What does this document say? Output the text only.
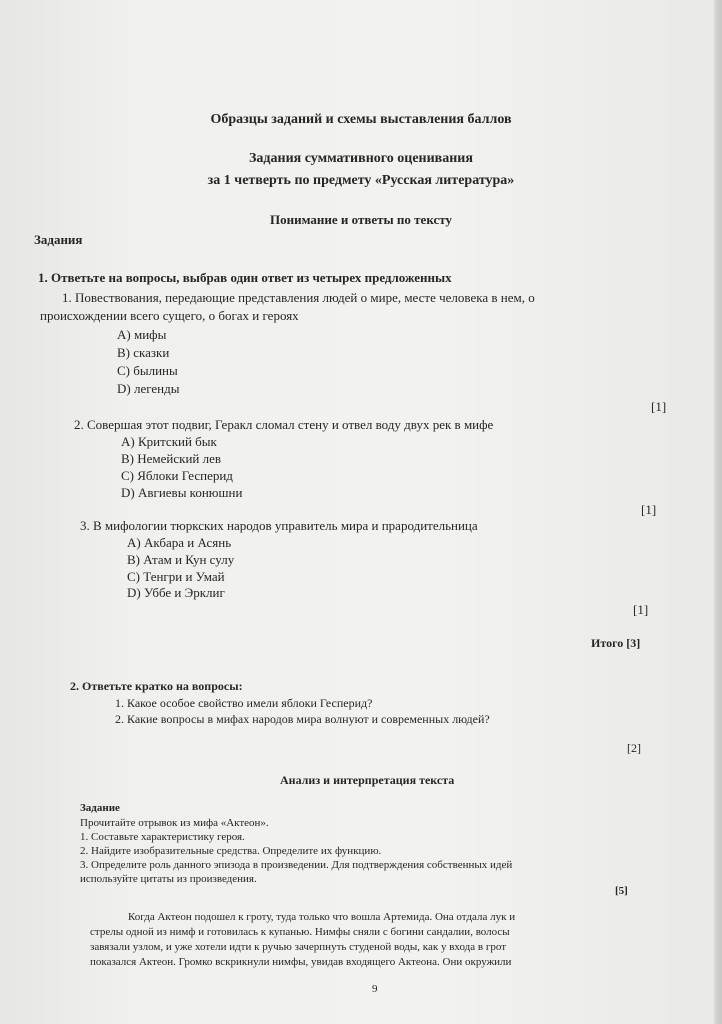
Образцы заданий и схемы выставления баллов
Задания суммативного оценивания
за 1 четверть по предмету «Русская литература»
Понимание и ответы по тексту
Задания
1. Ответьте на вопросы, выбрав один ответ из четырех предложенных
1. Повествования, передающие представления людей о мире, месте человека в нем, о
происхождении всего сущего, о богах и героях
A) мифы
B) сказки
C) былины
D) легенды
[1]
2. Совершая этот подвиг, Геракл сломал стену и отвел воду двух рек в мифе
A) Критский бык
B) Немейский лев
C) Яблоки Гесперид
D) Авгиевы конюшни
[1]
3. В мифологии тюркских народов управитель мира и прародительница
A) Акбара и Асянь
B) Атам и Кун сулу
C) Тенгри и Умай
D) Уббе и Эрклиг
[1]
Итого [3]
2. Ответьте кратко на вопросы:
1. Какое особое свойство имели яблоки Гесперид?
2. Какие вопросы в мифах народов мира волнуют и современных людей?
[2]
Анализ и интерпретация текста
Задание
Прочитайте отрывок из мифа «Актеон».
1. Составьте характеристику героя.
2. Найдите изобразительные средства. Определите их функцию.
3. Определите роль данного эпизода в произведении. Для подтверждения собственных идей
используйте цитаты из произведения.
[5]
Когда Актеон подошел к гроту, туда только что вошла Артемида. Она отдала лук и
стрелы одной из нимф и готовилась к купанью. Нимфы сняли с богини сандалии, волосы
завязали узлом, и уже хотели идти к ручью зачерпнуть студеной воды, как у входа в грот
показался Актеон. Громко вскрикнули нимфы, увидав входящего Актеона. Они окружили
9
